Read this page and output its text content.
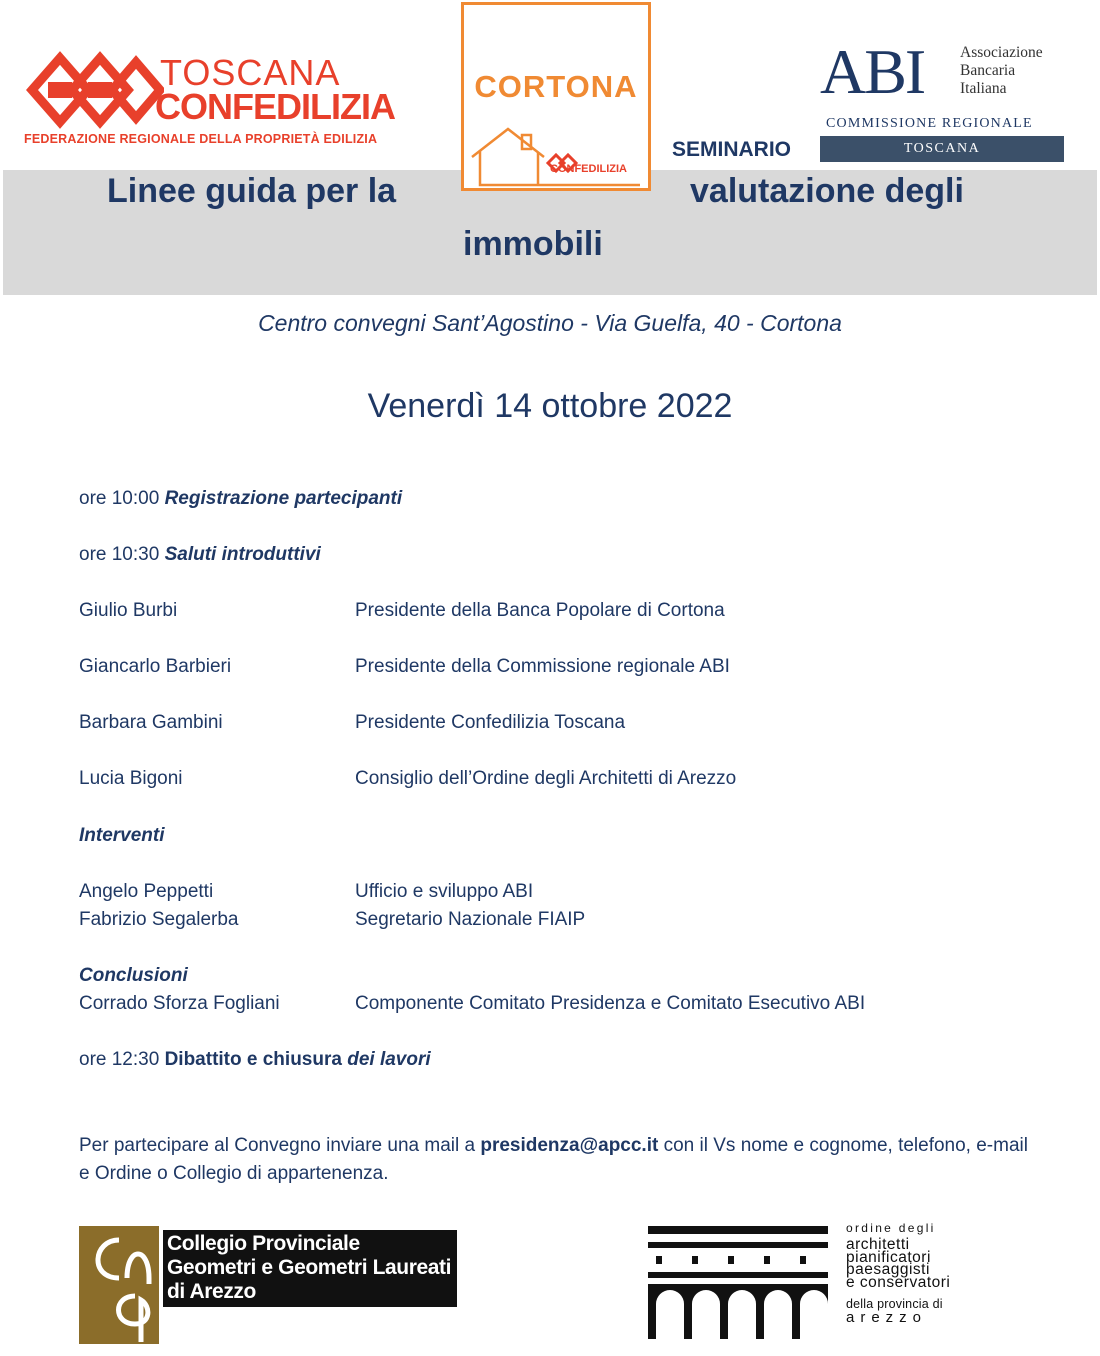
TOSCANA
CONFEDILIZIA
FEDERAZIONE REGIONALE DELLA PROPRIETÀ EDILIZIA
CORTONA
CONFEDILIZIA
ABI Associazione
Bancaria
Italiana
COMMISSIONE REGIONALE
TOSCANA
SEMINARIO
Linee guida per la	valutazione degli
immobili
Centro convegni Sant’Agostino - Via Guelfa, 40 - Cortona
Venerdì 14 ottobre 2022
ore 10:00 Registrazione partecipanti
ore 10:30 Saluti introduttivi
Giulio Burbi	Presidente della Banca Popolare di Cortona
Giancarlo Barbieri	Presidente della Commissione regionale ABI
Barbara Gambini	Presidente Confedilizia Toscana
Lucia Bigoni	Consiglio dell’Ordine degli Architetti di Arezzo
Interventi
Angelo Peppetti	Ufficio e sviluppo ABI
Fabrizio Segalerba	Segretario Nazionale FIAIP
Conclusioni
Corrado Sforza Fogliani	Componente Comitato Presidenza e Comitato Esecutivo ABI
ore 12:30 Dibattito e chiusura dei lavori
Per partecipare al Convegno inviare una mail a presidenza@apcc.it con il Vs nome e cognome, telefono, e-mail e Ordine o Collegio di appartenenza.
Collegio Provinciale
Geometri e Geometri Laureati
di Arezzo
ordine degli
architetti
pianificatori
paesaggisti
e conservatori
della provincia di
arezzo
